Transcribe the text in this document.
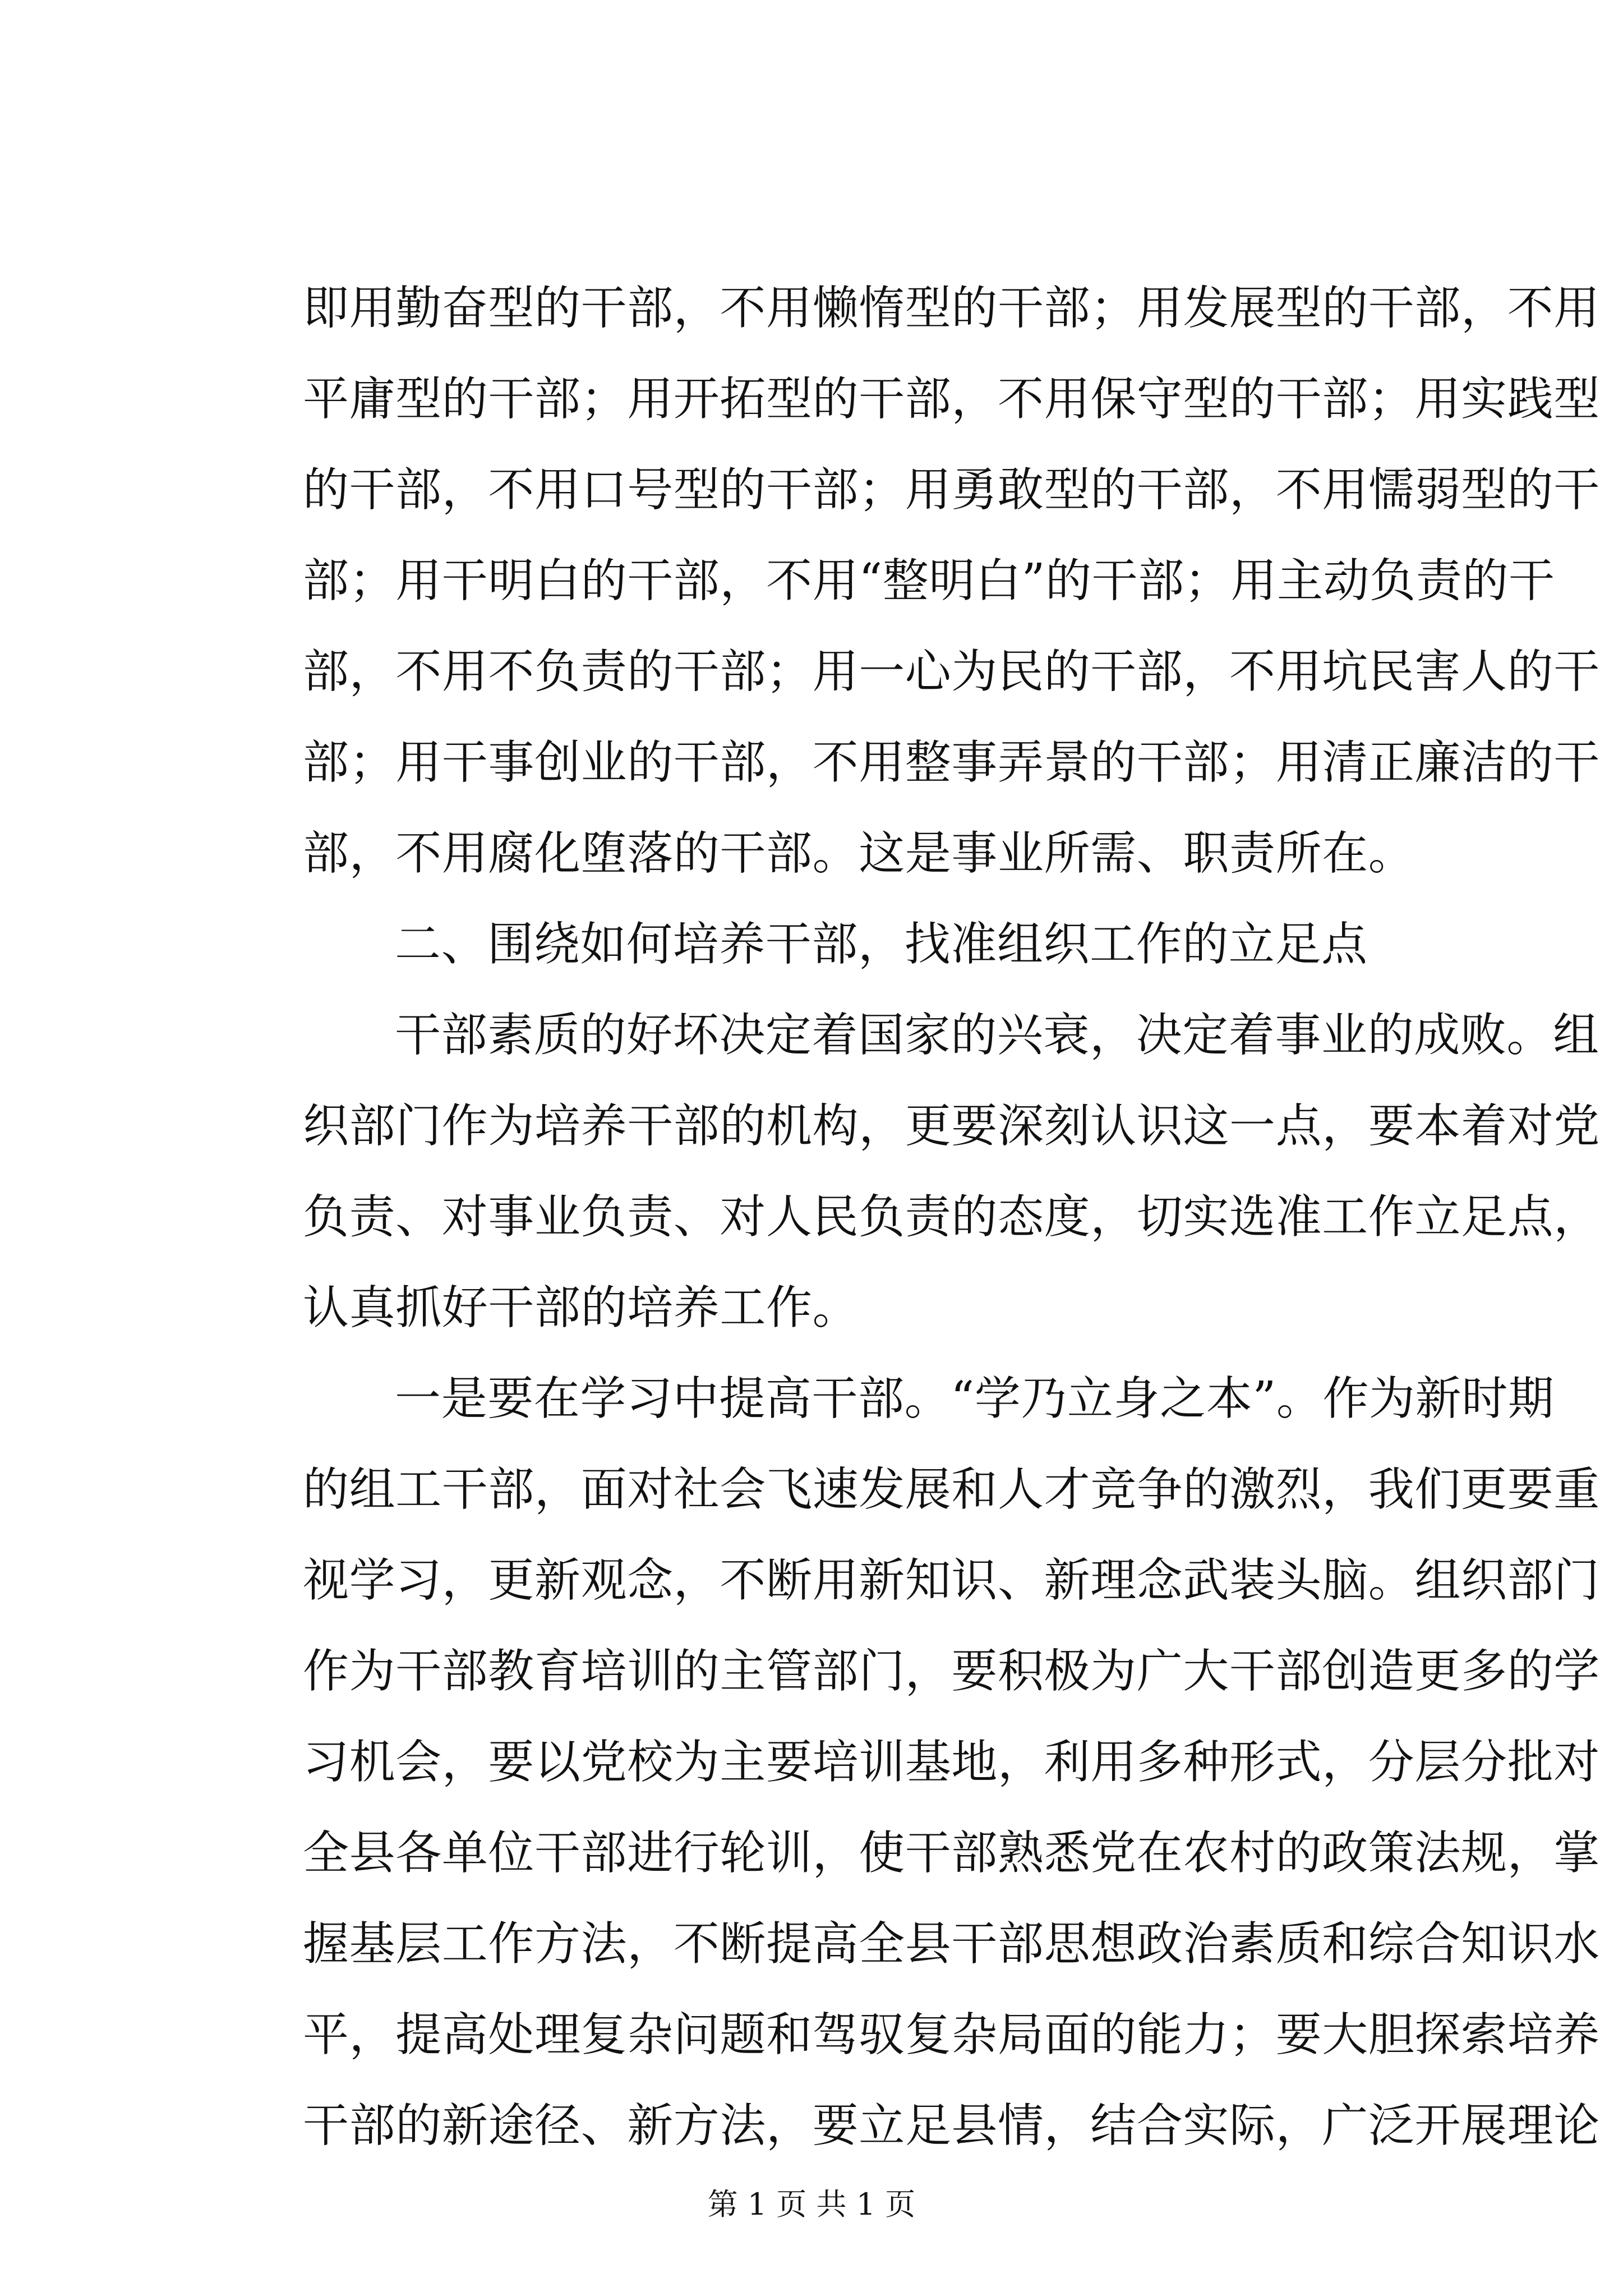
即用勤奋型的干部，不用懒惰型的干部；用发展型的干部，不用
平庸型的干部；用开拓型的干部，不用保守型的干部；用实践型
的干部，不用口号型的干部；用勇敢型的干部，不用懦弱型的干
部；用干明白的干部，不用“整明白”的干部；用主动负责的干
部，不用不负责的干部；用一心为民的干部，不用坑民害人的干
部；用干事创业的干部，不用整事弄景的干部；用清正廉洁的干
部，不用腐化堕落的干部。这是事业所需、职责所在。
二、围绕如何培养干部，找准组织工作的立足点
干部素质的好坏决定着国家的兴衰，决定着事业的成败。组
织部门作为培养干部的机构，更要深刻认识这一点，要本着对党
负责、对事业负责、对人民负责的态度，切实选准工作立足点，
认真抓好干部的培养工作。
一是要在学习中提高干部。“学乃立身之本”。作为新时期
的组工干部，面对社会飞速发展和人才竞争的激烈，我们更要重
视学习，更新观念，不断用新知识、新理念武装头脑。组织部门
作为干部教育培训的主管部门，要积极为广大干部创造更多的学
习机会，要以党校为主要培训基地，利用多种形式，分层分批对
全县各单位干部进行轮训，使干部熟悉党在农村的政策法规，掌
握基层工作方法，不断提高全县干部思想政治素质和综合知识水
平，提高处理复杂问题和驾驭复杂局面的能力；要大胆探索培养
干部的新途径、新方法，要立足县情，结合实际，广泛开展理论
第 1 页 共 1 页
